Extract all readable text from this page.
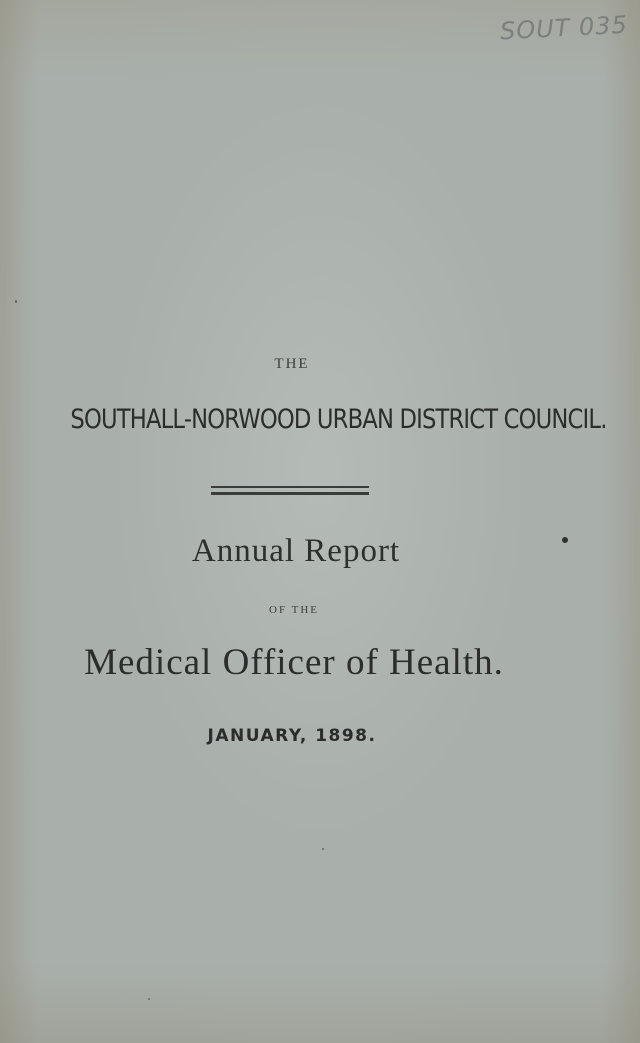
SOUT 035
THE
SOUTHALL-NORWOOD URBAN DISTRICT COUNCIL.
Annual Report
OF THE
Medical Officer of Health.
JANUARY, 1898.
